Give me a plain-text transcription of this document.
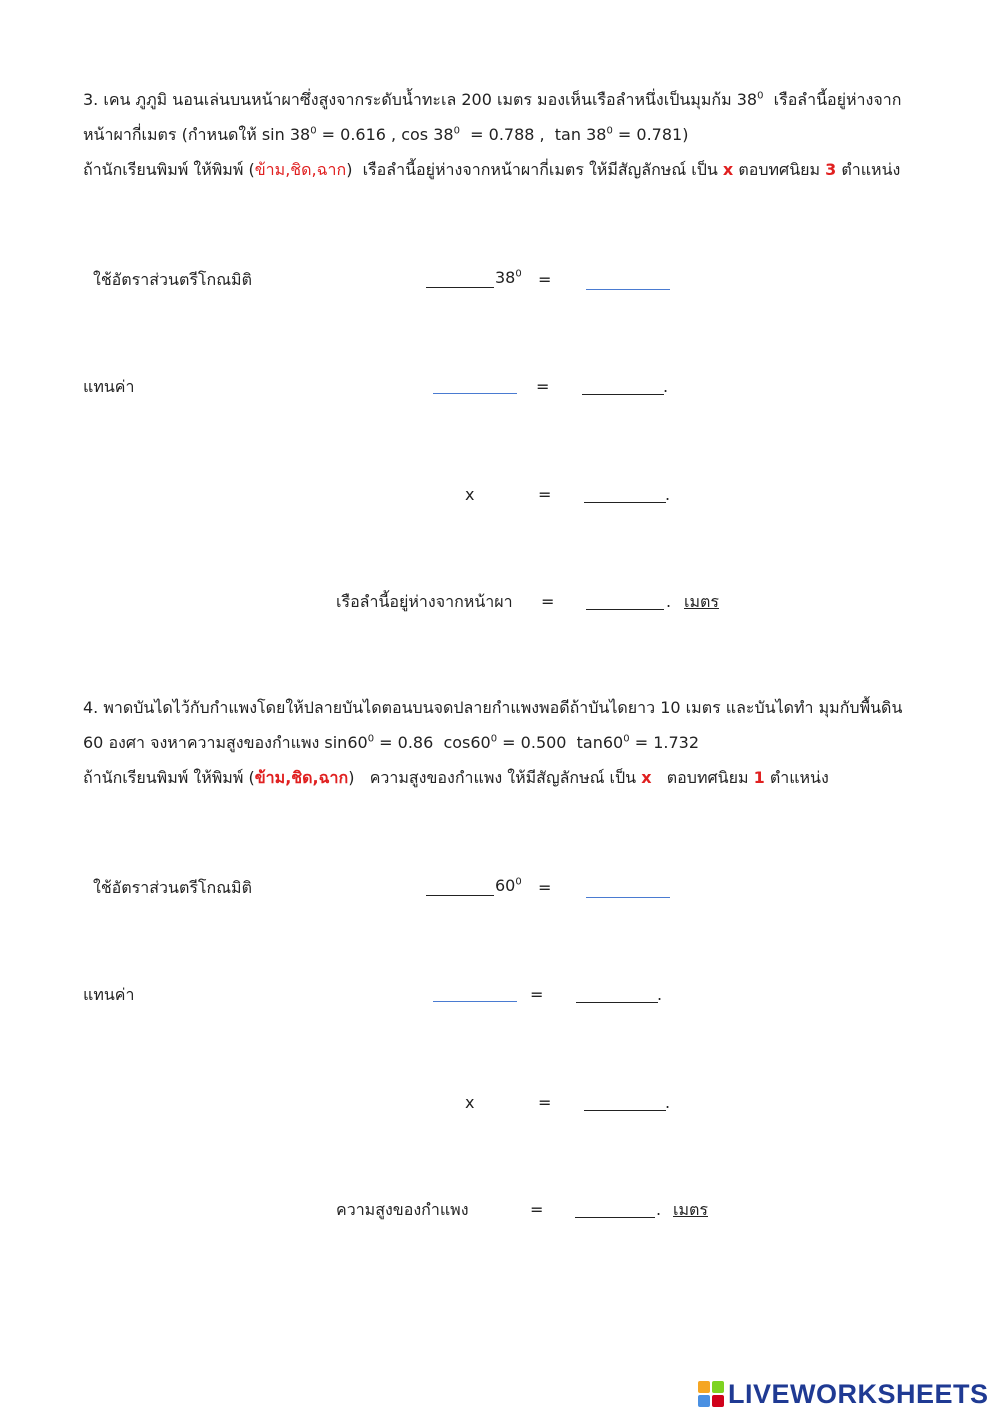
3. เคน ภูภูมิ นอนเล่นบนหน้าผาซึ่งสูงจากระดับน้ำทะเล 200 เมตร มองเห็นเรือลำหนึ่งเป็นมุมก้ม $38^0$  เรือลำนี้อยู่ห่างจาก
หน้าผากี่เมตร (กำหนดให้ $\sin 38^0 = 0.616$ , $\cos 38^0 = 0.788$ ,  $\tan 38^0 = 0.781$)
ถ้านักเรียนพิมพ์ ให้พิมพ์ (ข้าม,ชิด,ฉาก)  เรือลำนี้อยู่ห่างจากหน้าผากี่เมตร ให้มีสัญลักษณ์ เป็น x ตอบทศนิยม 3 ตำแหน่ง
ใช้อัตราส่วนตรีโกณมิติ	$38^0$ =
แทนค่า	=	.
x	=	.
เรือลำนี้อยู่ห่างจากหน้าผา =	. เมตร
4. พาดบันไดไว้กับกำแพงโดยให้ปลายบันไดตอนบนจดปลายกำแพงพอดีถ้าบันไดยาว 10 เมตร และบันไดทำ มุมกับพื้นดิน
60 องศา จงหาความสูงของกำแพง $\sin 60^0 = 0.86$  $\cos 60^0 = 0.500$  $\tan 60^0 = 1.732$
ถ้านักเรียนพิมพ์ ให้พิมพ์ (ข้าม,ชิด,ฉาก)   ความสูงของกำแพง ให้มีสัญลักษณ์ เป็น x   ตอบทศนิยม 1 ตำแหน่ง
ใช้อัตราส่วนตรีโกณมิติ	$60^0$ =
แทนค่า	=	.
x	=	.
ความสูงของกำแพง	=	. เมตร
LIVEWORKSHEETS
